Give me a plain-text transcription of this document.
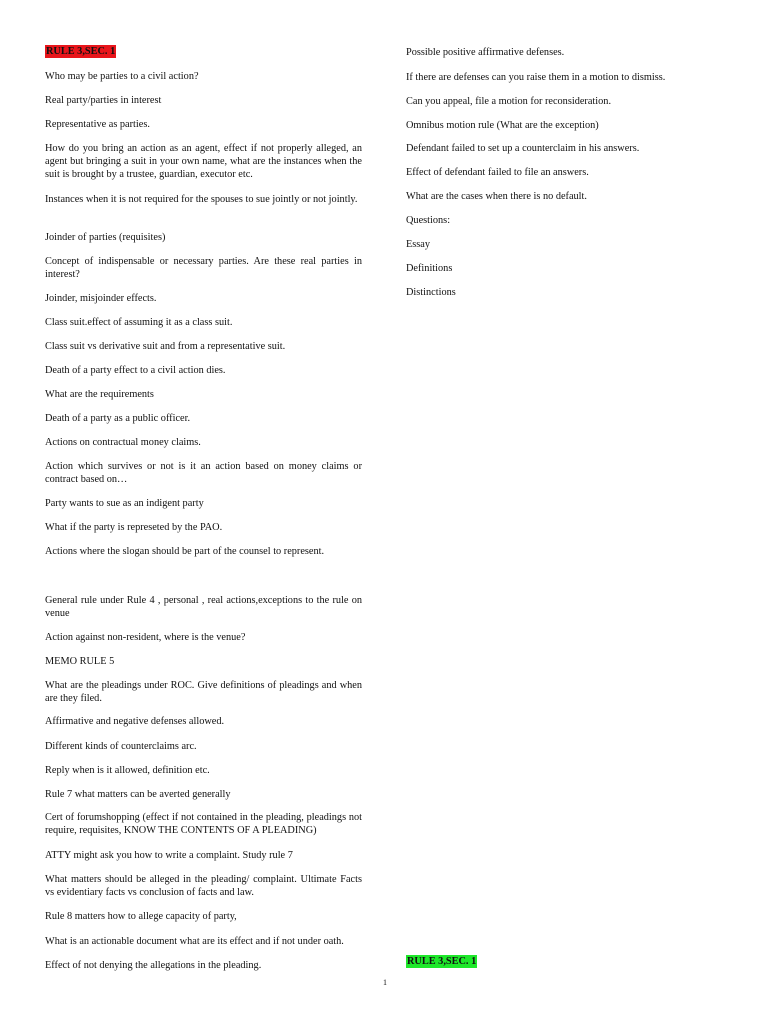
RULE 3,SEC. 1

Who may be parties to a civil action?

Real party/parties in interest

Representative as parties.

How do you bring an action as an agent, effect if not properly alleged, an agent but bringing a suit in your own name, what are the instances when the suit is brought by a trustee, guardian, executor etc.

Instances when it is not required for the spouses to sue jointly or not jointly.

Joinder of parties (requisites)

Concept of indispensable or necessary parties. Are these real parties in interest?

Joinder, misjoinder effects.

Class suit.effect of assuming it as a class suit.

Class suit vs derivative suit and from a representative suit.

Death of a party effect to a civil action dies.

What are the requirements

Death of a party as a public officer.

Actions on contractual money claims.

Action which survives or not is it an action based on money claims or contract based on…

Party wants to sue as an indigent party

What if the party is represeted by the PAO.

Actions where the slogan should be part of the counsel to represent.

General rule under Rule 4 , personal , real actions,exceptions to the rule on venue

Action against non-resident, where is the venue?

MEMO RULE 5

What are the pleadings under ROC. Give definitions of pleadings and when are they filed.

Affirmative and negative defenses allowed.

Different kinds of counterclaims arc.

Reply when is it allowed, definition etc.

Rule 7 what matters can be averted generally

Cert of forumshopping (effect if not contained in the pleading, pleadings not require, requisites, KNOW THE CONTENTS OF A PLEADING)

ATTY might ask you how to write a complaint. Study rule 7

What matters should be alleged in the pleading/ complaint. Ultimate Facts vs evidentiary facts vs conclusion of facts and law.

Rule 8 matters how to allege capacity of party,

What is an actionable document what are its effect and if not under oath.

Effect of not denying the allegations in the pleading.

Possible positive affirmative defenses.

If there are defenses can you raise them in a motion to dismiss.

Can you appeal, file a motion for reconsideration.

Omnibus motion rule (What are the exception)

Defendant failed to set up a counterclaim in his answers.

Effect of defendant failed to file an answers.

What are the cases when there is no default.

Questions:

Essay

Definitions

Distinctions

RULE 3,SEC. 1

1
